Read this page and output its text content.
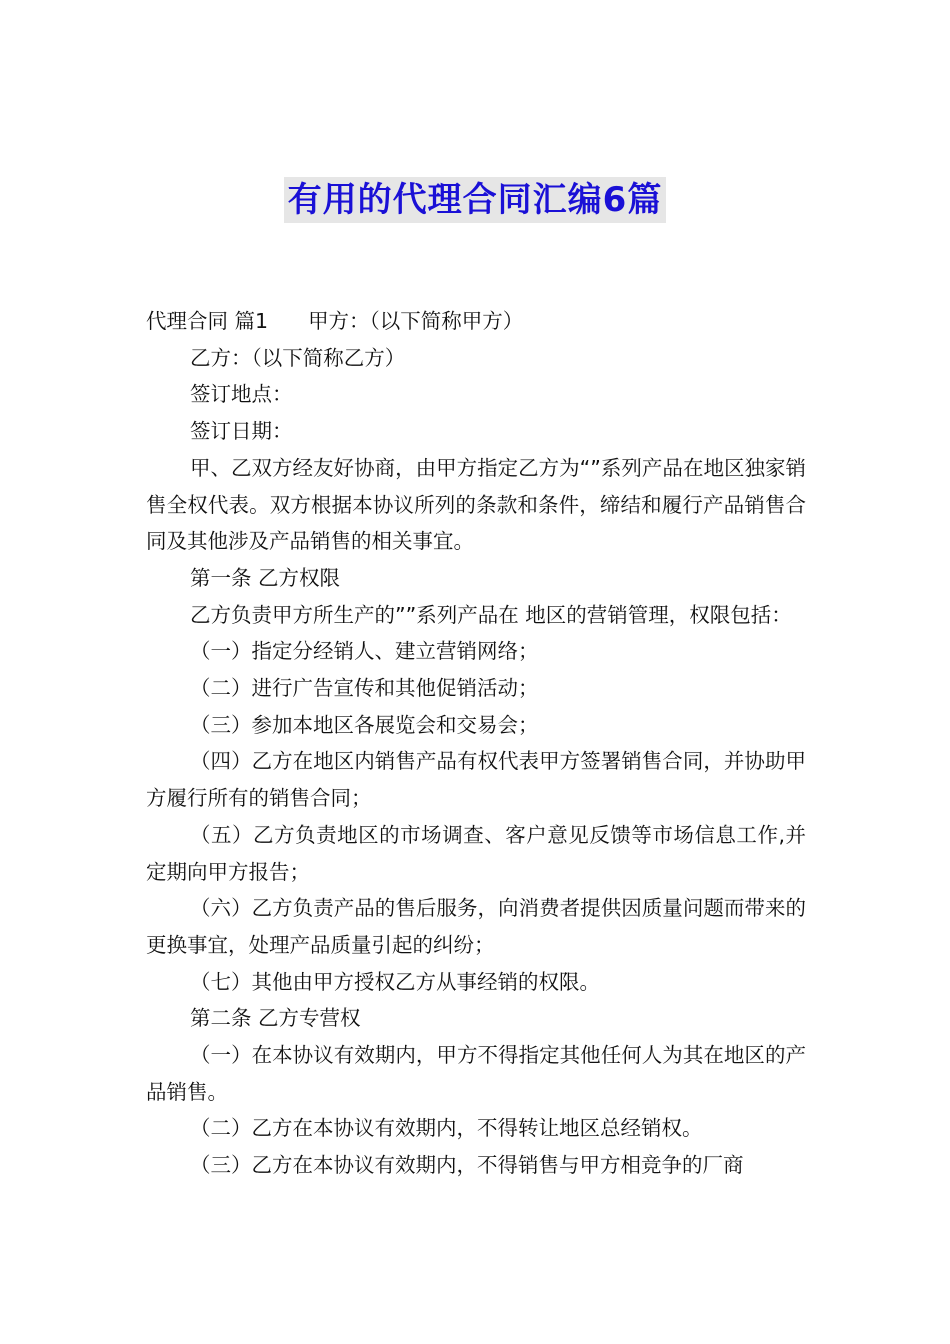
有用的代理合同汇编6篇

代理合同 篇1 甲方：（以下简称甲方）

乙方：（以下简称乙方）

签订地点：

签订日期：

甲、乙双方经友好协商，由甲方指定乙方为“”系列产品在地区独家销售全权代表。双方根据本协议所列的条款和条件，缔结和履行产品销售合同及其他涉及产品销售的相关事宜。

第一条 乙方权限

乙方负责甲方所生产的””系列产品在 地区的营销管理，权限包括：

（一）指定分经销人、建立营销网络；

（二）进行广告宣传和其他促销活动；

（三）参加本地区各展览会和交易会；

（四）乙方在地区内销售产品有权代表甲方签署销售合同，并协助甲方履行所有的销售合同；

（五）乙方负责地区的市场调查、客户意见反馈等市场信息工作,并定期向甲方报告；

（六）乙方负责产品的售后服务，向消费者提供因质量问题而带来的更换事宜，处理产品质量引起的纠纷；

（七）其他由甲方授权乙方从事经销的权限。

第二条 乙方专营权

（一）在本协议有效期内，甲方不得指定其他任何人为其在地区的产品销售。

（二）乙方在本协议有效期内，不得转让地区总经销权。

（三）乙方在本协议有效期内，不得销售与甲方相竞争的厂商
